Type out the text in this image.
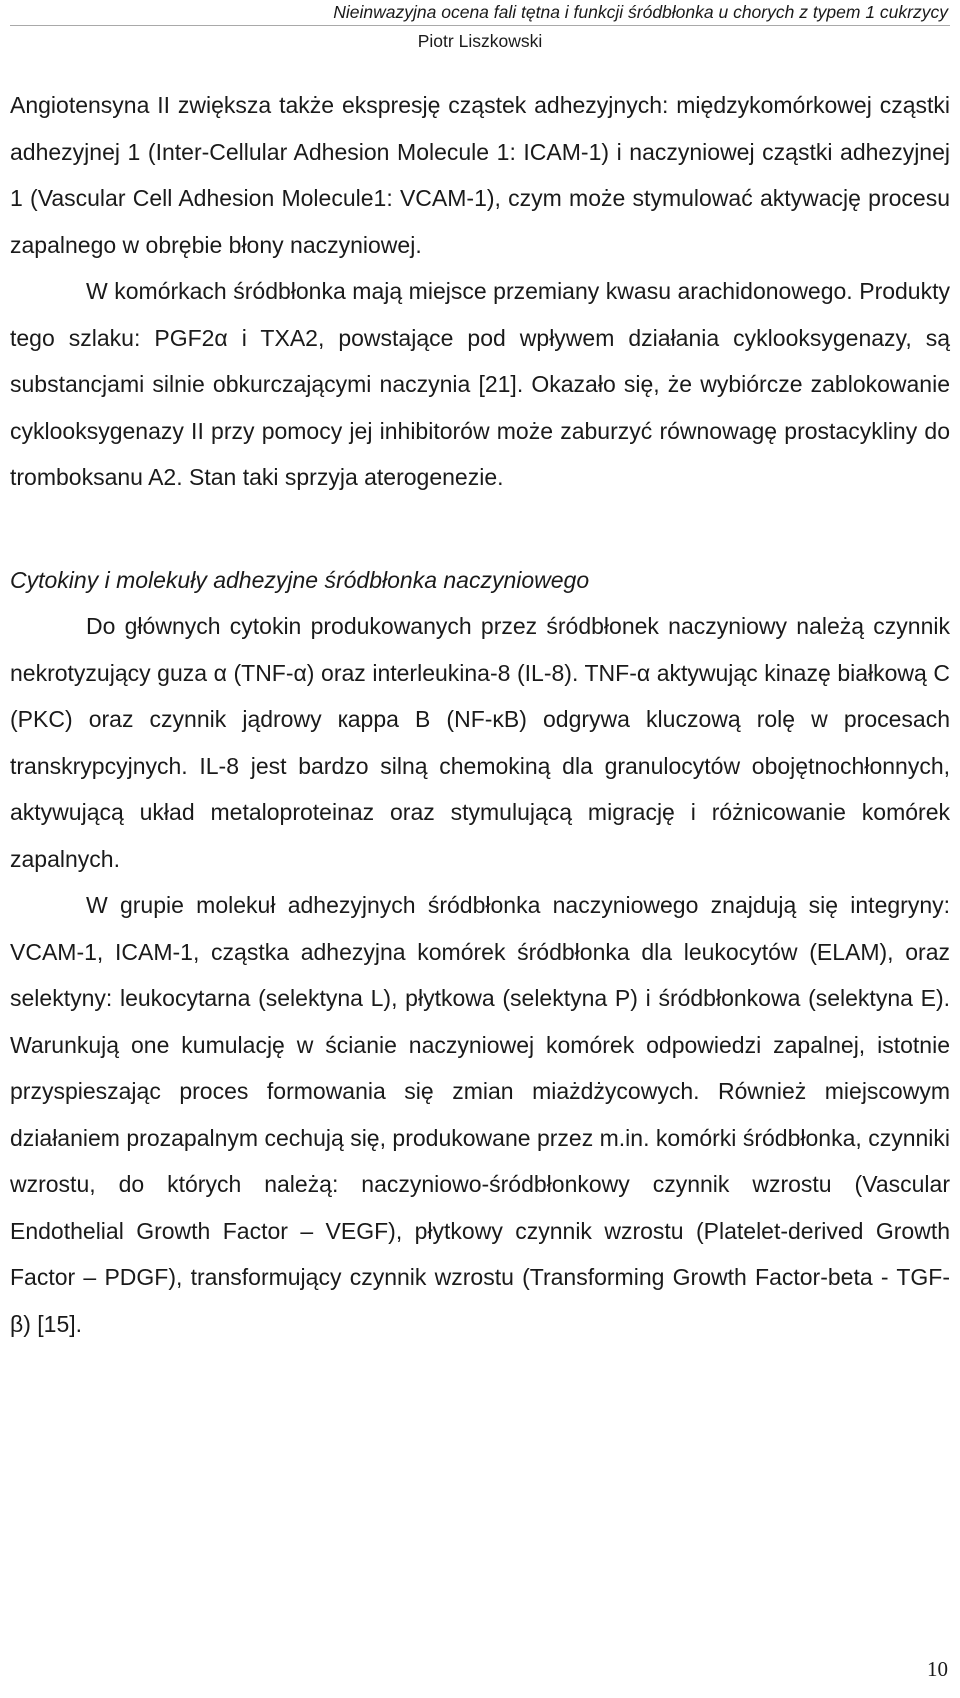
Nieinwazyjna ocena fali tętna i funkcji śródbłonka u chorych z typem 1 cukrzycy
Piotr Liszkowski

Angiotensyna II zwiększa także ekspresję cząstek adhezyjnych: międzykomórkowej cząstki adhezyjnej 1 (Inter-Cellular Adhesion Molecule 1: ICAM-1) i naczyniowej cząstki adhezyjnej 1 (Vascular Cell Adhesion Molecule1: VCAM-1), czym może stymulować aktywację procesu zapalnego w obrębie błony naczyniowej.

W komórkach śródbłonka mają miejsce przemiany kwasu arachidonowego. Produkty tego szlaku: PGF2α i TXA2, powstające pod wpływem działania cyklooksygenazy, są substancjami silnie obkurczającymi naczynia [21]. Okazało się, że wybiórcze zablokowanie cyklooksygenazy II przy pomocy jej inhibitorów może zaburzyć równowagę prostacykliny do tromboksanu A2. Stan taki sprzyja aterogenezie.

Cytokiny i molekuły adhezyjne śródbłonka naczyniowego

Do głównych cytokin produkowanych przez śródbłonek naczyniowy należą czynnik nekrotyzujący guza α (TNF-α) oraz interleukina-8 (IL-8). TNF-α aktywując kinazę białkową C (PKC) oraz czynnik jądrowy кappa B (NF-κB) odgrywa kluczową rolę w procesach transkrypcyjnych. IL-8 jest bardzo silną chemokiną dla granulocytów obojętnochłonnych, aktywującą układ metaloproteinaz oraz stymulującą migrację i różnicowanie komórek zapalnych.

W grupie molekuł adhezyjnych śródbłonka naczyniowego znajdują się integryny: VCAM-1, ICAM-1, cząstka adhezyjna komórek śródbłonka dla leukocytów (ELAM), oraz selektyny: leukocytarna (selektyna L), płytkowa (selektyna P) i śródbłonkowa (selektyna E). Warunkują one kumulację w ścianie naczyniowej komórek odpowiedzi zapalnej, istotnie przyspieszając proces formowania się zmian miażdżycowych. Również miejscowym działaniem prozapalnym cechują się, produkowane przez m.in. komórki śródbłonka, czynniki wzrostu, do których należą: naczyniowo-śródbłonkowy czynnik wzrostu (Vascular Endothelial Growth Factor – VEGF), płytkowy czynnik wzrostu (Platelet-derived Growth Factor – PDGF), transformujący czynnik wzrostu (Transforming Growth Factor-beta - TGF-β) [15].

10
